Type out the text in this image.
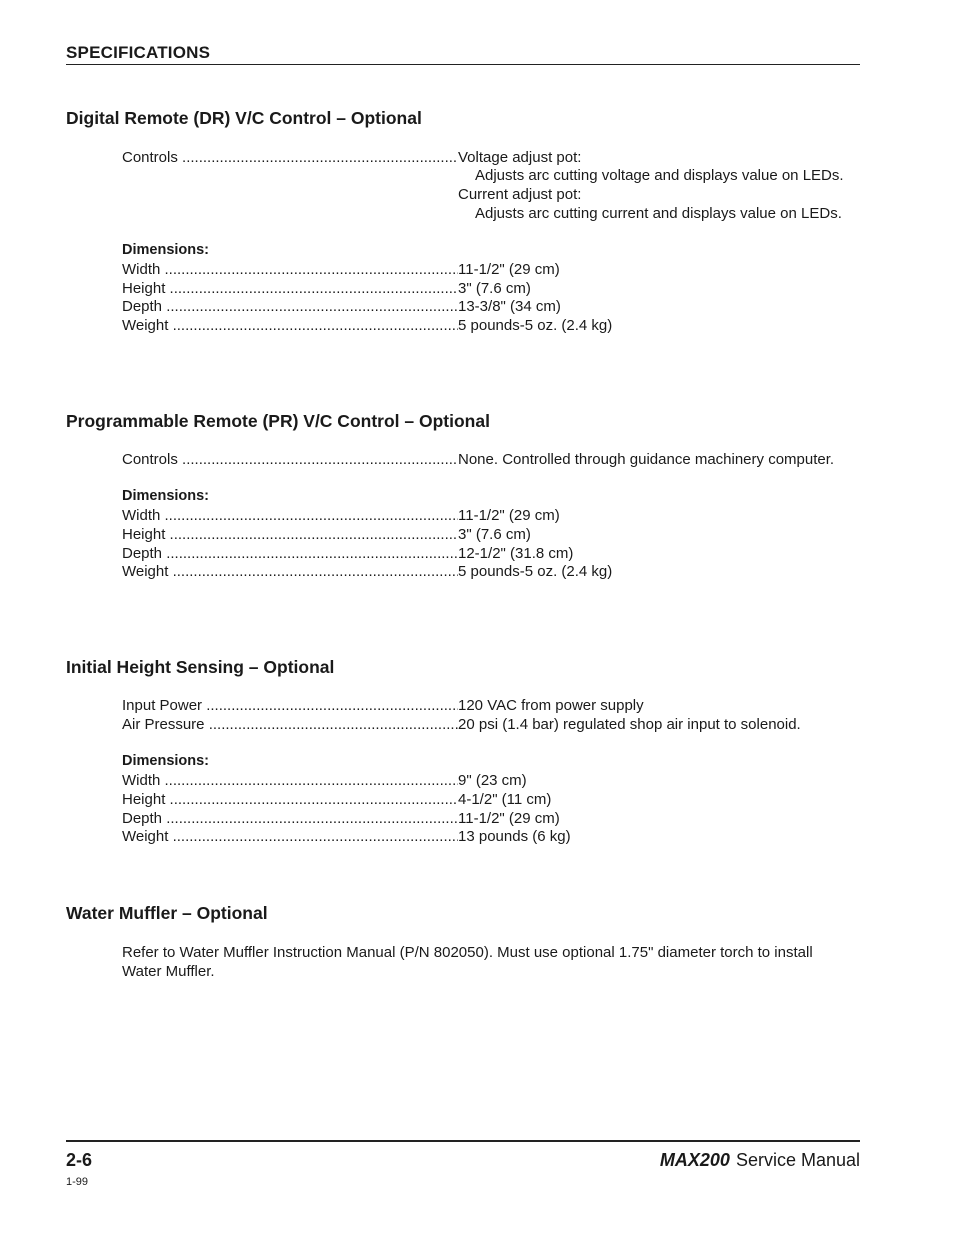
SPECIFICATIONS
Digital Remote (DR) V/C Control – Optional
Controls .....	Voltage adjust pot:
Adjusts arc cutting voltage and displays value on LEDs.
Current adjust pot:
Adjusts arc cutting current and displays value on LEDs.
Dimensions:
Width .....	11-1/2" (29 cm)
Height .....	3" (7.6 cm)
Depth .....	13-3/8" (34 cm)
Weight .....	5 pounds-5 oz. (2.4 kg)
Programmable Remote (PR) V/C Control – Optional
Controls .....	None. Controlled through guidance machinery computer.
Dimensions:
Width .....	11-1/2" (29 cm)
Height .....	3" (7.6 cm)
Depth .....	12-1/2" (31.8 cm)
Weight .....	5 pounds-5 oz. (2.4 kg)
Initial Height Sensing – Optional
Input Power .....	120 VAC from power supply
Air Pressure .....	20 psi (1.4 bar) regulated shop air input to solenoid.
Dimensions:
Width .....	9" (23 cm)
Height .....	4-1/2" (11 cm)
Depth .....	11-1/2" (29 cm)
Weight .....	13 pounds (6 kg)
Water Muffler – Optional
Refer to Water Muffler Instruction Manual (P/N 802050). Must use optional 1.75" diameter torch to install Water Muffler.
2-6	MAX200 Service Manual
1-99
